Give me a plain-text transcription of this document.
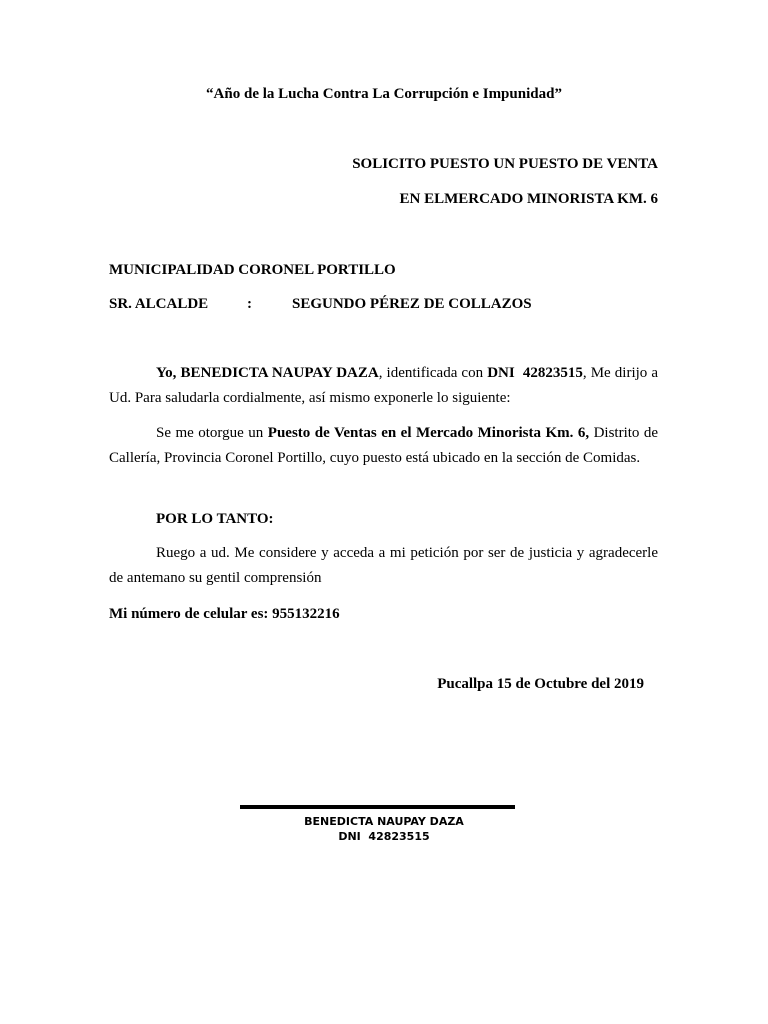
“Año de la Lucha Contra La Corrupción e Impunidad”
SOLICITO PUESTO UN PUESTO DE VENTA
EN ELMERCADO MINORISTA KM. 6
MUNICIPALIDAD CORONEL PORTILLO
SR. ALCALDE	:	SEGUNDO PÉREZ DE COLLAZOS
Yo, BENEDICTA NAUPAY DAZA, identificada con DNI 42823515, Me dirijo a Ud. Para saludarla cordialmente, así mismo exponerle lo siguiente:
Se me otorgue un Puesto de Ventas en el Mercado Minorista Km. 6, Distrito de Callería, Provincia Coronel Portillo, cuyo puesto está ubicado en la sección de Comidas.
POR LO TANTO:
Ruego a ud. Me considere y acceda a mi petición por ser de justicia y agradecerle de antemano su gentil comprensión
Mi número de celular es: 955132216
Pucallpa 15 de Octubre del 2019
BENEDICTA NAUPAY DAZA
DNI  42823515
